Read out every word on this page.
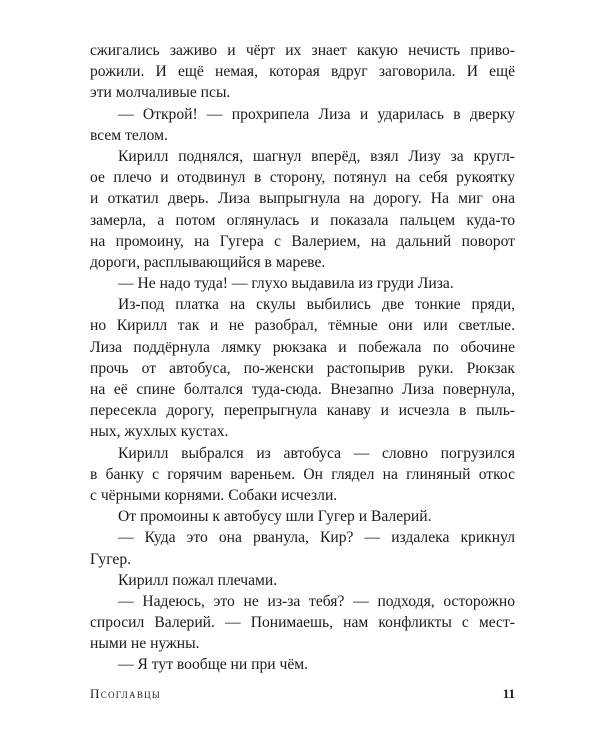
сжигались заживо и чёрт их знает какую нечисть приво-
рожили. И ещё немая, которая вдруг заговорила. И ещё
эти молчаливые псы.
— Открой! — прохрипела Лиза и ударилась в дверку
всем телом.
Кирилл поднялся, шагнул вперёд, взял Лизу за кругл-
ое плечо и отодвинул в сторону, потянул на себя рукоятку
и откатил дверь. Лиза выпрыгнула на дорогу. На миг она
замерла, а потом оглянулась и показала пальцем куда-то
на промоину, на Гугера с Валерием, на дальний поворот
дороги, расплывающийся в мареве.
— Не надо туда! — глухо выдавила из груди Лиза.
Из-под платка на скулы выбились две тонкие пряди,
но Кирилл так и не разобрал, тёмные они или светлые.
Лиза поддёрнула лямку рюкзака и побежала по обочине
прочь от автобуса, по-женски растопырив руки. Рюкзак
на её спине болтался туда-сюда. Внезапно Лиза повернула,
пересекла дорогу, перепрыгнула канаву и исчезла в пыль-
ных, жухлых кустах.
Кирилл выбрался из автобуса — словно погрузился
в банку с горячим вареньем. Он глядел на глиняный откос
с чёрными корнями. Собаки исчезли.
От промоины к автобусу шли Гугер и Валерий.
— Куда это она рванула, Кир? — издалека крикнул
Гугер.
Кирилл пожал плечами.
— Надеюсь, это не из-за тебя? — подходя, осторожно
спросил Валерий. — Понимаешь, нам конфликты с мест-
ными не нужны.
— Я тут вообще ни при чём.
Псоглавцы	11
